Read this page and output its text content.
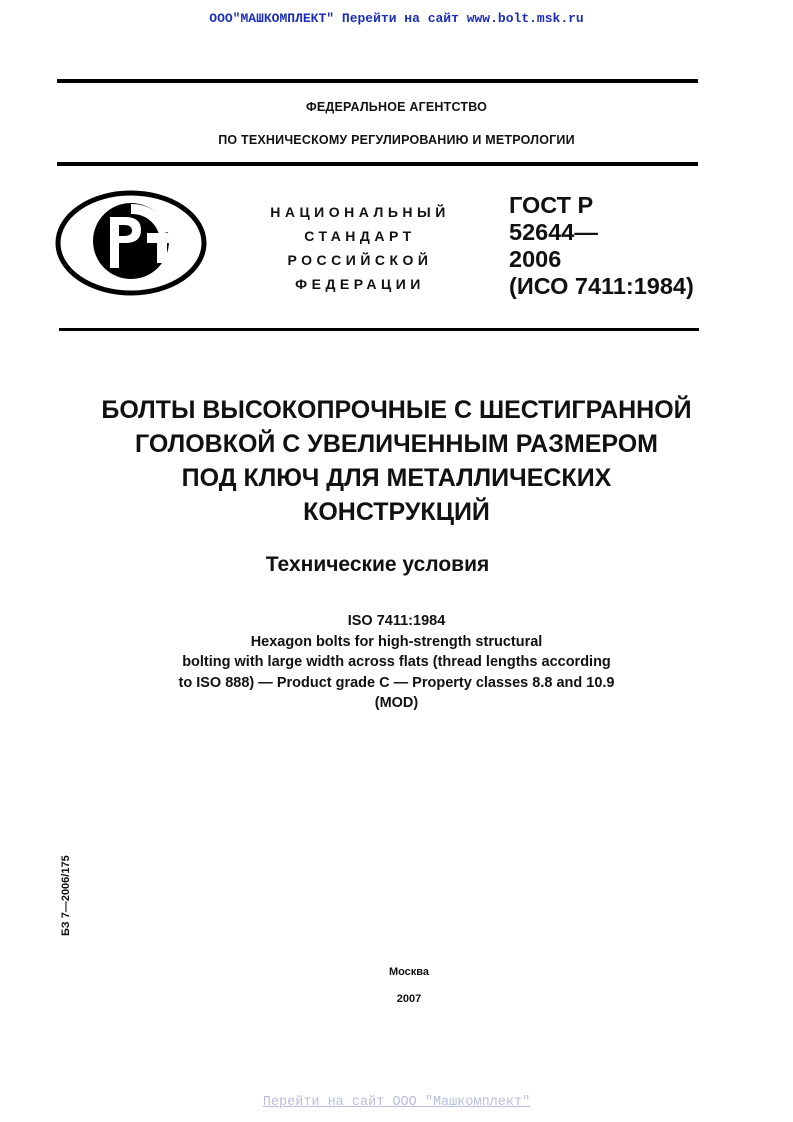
ООО"МАШКОМПЛЕКТ" Перейти на сайт www.bolt.msk.ru
ФЕДЕРАЛЬНОЕ АГЕНТСТВО
ПО ТЕХНИЧЕСКОМУ РЕГУЛИРОВАНИЮ И МЕТРОЛОГИИ
НАЦИОНАЛЬНЫЙ
СТАНДАРТ
РОССИЙСКОЙ
ФЕДЕРАЦИИ
ГОСТ Р
52644—
2006
(ИСО 7411:1984)
БОЛТЫ ВЫСОКОПРОЧНЫЕ С ШЕСТИГРАННОЙ
ГОЛОВКОЙ С УВЕЛИЧЕННЫМ РАЗМЕРОМ
ПОД КЛЮЧ ДЛЯ МЕТАЛЛИЧЕСКИХ
КОНСТРУКЦИЙ
Технические условия
ISO 7411:1984
Hexagon bolts for high-strength structural
bolting with large width across flats (thread lengths according
to ISO 888) — Product grade C — Property classes 8.8 and 10.9
(MOD)
БЗ 7—2006/175
Москва
2007
Перейти на сайт ООО "Машкомплект"
